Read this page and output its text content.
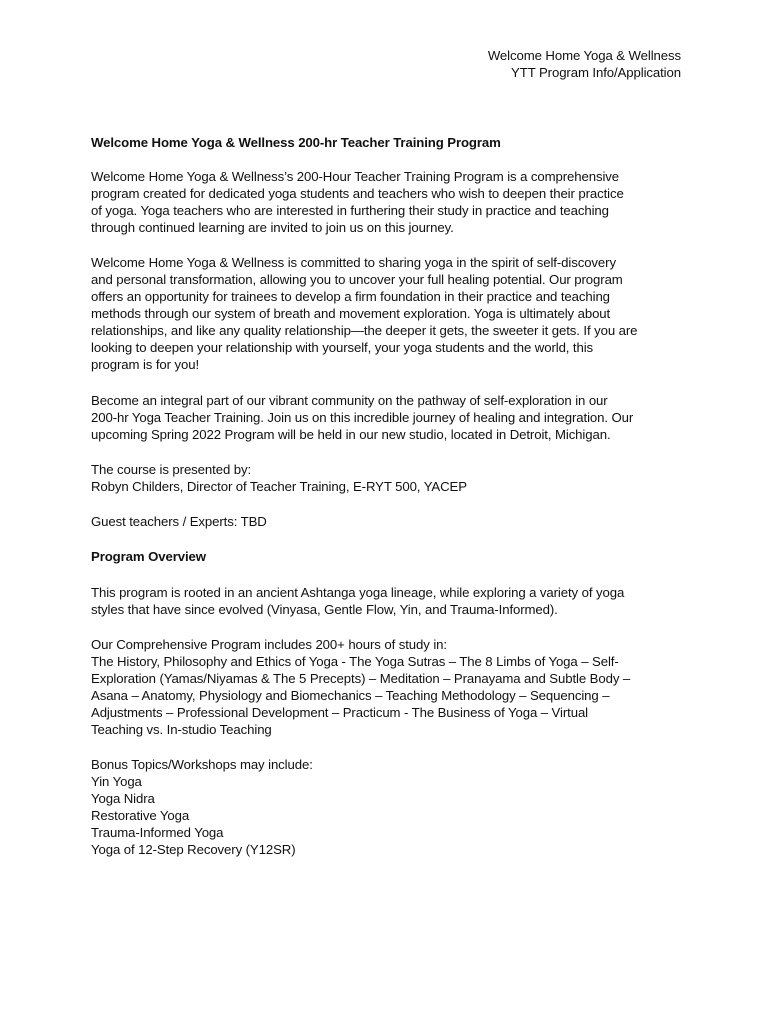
Welcome Home Yoga & Wellness
YTT Program Info/Application
Welcome Home Yoga & Wellness 200-hr Teacher Training Program
Welcome Home Yoga & Wellness’s 200-Hour Teacher Training Program is a comprehensive
program created for dedicated yoga students and teachers who wish to deepen their practice
of yoga. Yoga teachers who are interested in furthering their study in practice and teaching
through continued learning are invited to join us on this journey.
Welcome Home Yoga & Wellness is committed to sharing yoga in the spirit of self-discovery
and personal transformation, allowing you to uncover your full healing potential. Our program
offers an opportunity for trainees to develop a firm foundation in their practice and teaching
methods through our system of breath and movement exploration. Yoga is ultimately about
relationships, and like any quality relationship—the deeper it gets, the sweeter it gets. If you are
looking to deepen your relationship with yourself, your yoga students and the world, this
program is for you!
Become an integral part of our vibrant community on the pathway of self-exploration in our
200-hr Yoga Teacher Training. Join us on this incredible journey of healing and integration. Our
upcoming Spring 2022 Program will be held in our new studio, located in Detroit, Michigan.
The course is presented by:
Robyn Childers, Director of Teacher Training, E-RYT 500, YACEP
Guest teachers / Experts: TBD
Program Overview
This program is rooted in an ancient Ashtanga yoga lineage, while exploring a variety of yoga
styles that have since evolved (Vinyasa, Gentle Flow, Yin, and Trauma-Informed).
Our Comprehensive Program includes 200+ hours of study in:
The History, Philosophy and Ethics of Yoga - The Yoga Sutras – The 8 Limbs of Yoga – Self-
Exploration (Yamas/Niyamas & The 5 Precepts) – Meditation – Pranayama and Subtle Body –
Asana – Anatomy, Physiology and Biomechanics – Teaching Methodology – Sequencing –
Adjustments – Professional Development – Practicum - The Business of Yoga – Virtual
Teaching vs. In-studio Teaching
Bonus Topics/Workshops may include:
Yin Yoga
Yoga Nidra
Restorative Yoga
Trauma-Informed Yoga
Yoga of 12-Step Recovery (Y12SR)
